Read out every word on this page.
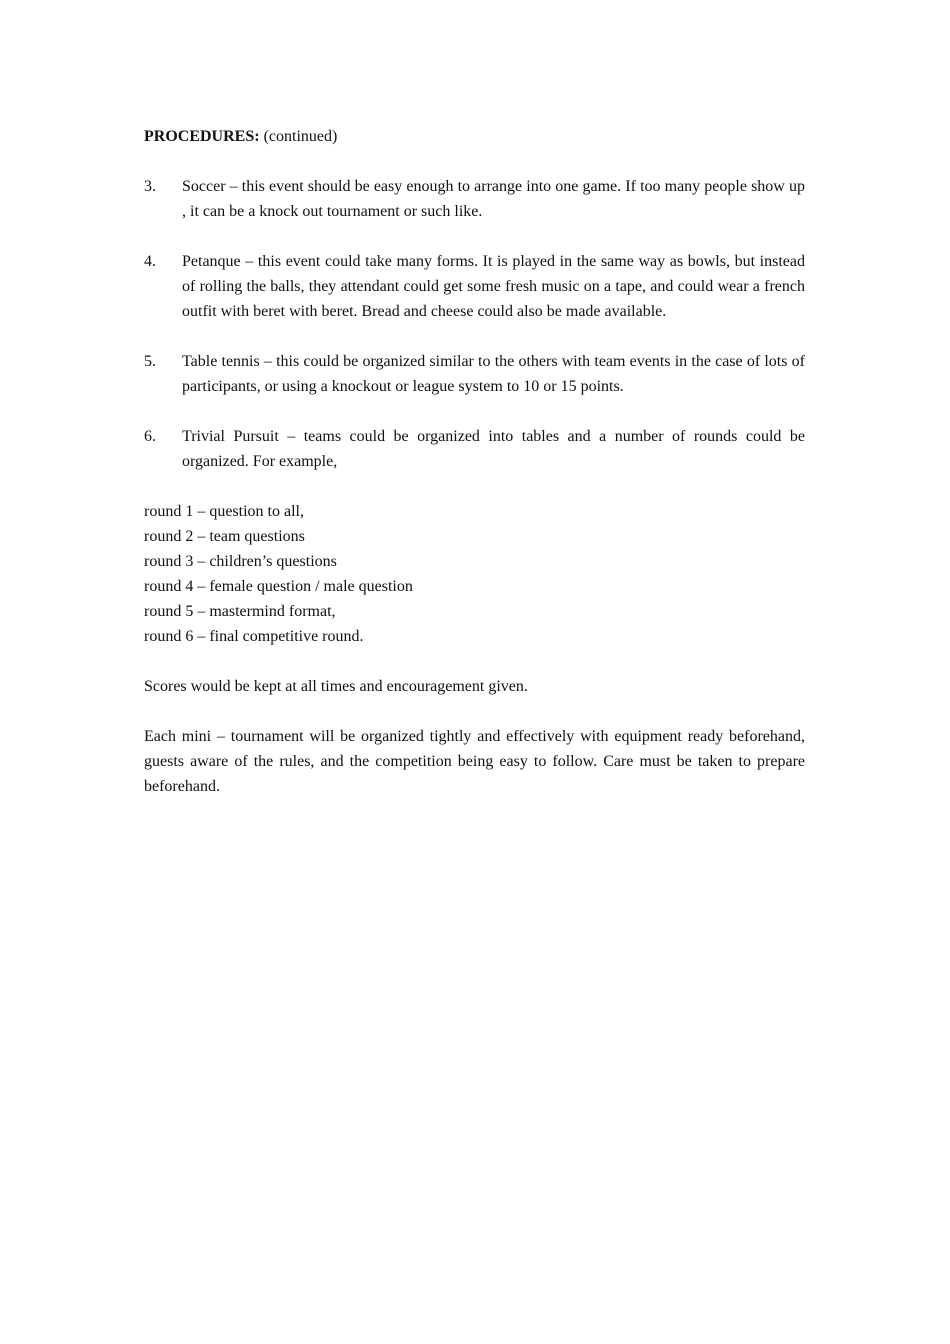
PROCEDURES: (continued)

3.	Soccer – this event should be easy enough to arrange into one game. If too many people show up , it can be a knock out tournament or such like.
4.	Petanque – this event could take many forms. It is played in the same way as bowls, but instead of rolling the balls, they attendant could get some fresh music on a tape, and could wear a french outfit with beret with beret. Bread and cheese could also be made available.
5.	Table tennis – this could be organized similar to the others with team events in the case of lots of participants, or using a knockout or league system to 10 or 15 points.
6.	Trivial Pursuit – teams could be organized into tables and a number of rounds could be organized. For example,
round 1 – question to all,
round 2 – team questions
round 3 – children’s questions
round 4 – female question / male question
round 5 – mastermind format,
round 6 – final competitive round.

Scores would be kept at all times and encouragement given.

Each mini – tournament will be organized tightly and effectively with equipment ready beforehand, guests aware of the rules, and the competition being easy to follow. Care must be taken to prepare beforehand.
